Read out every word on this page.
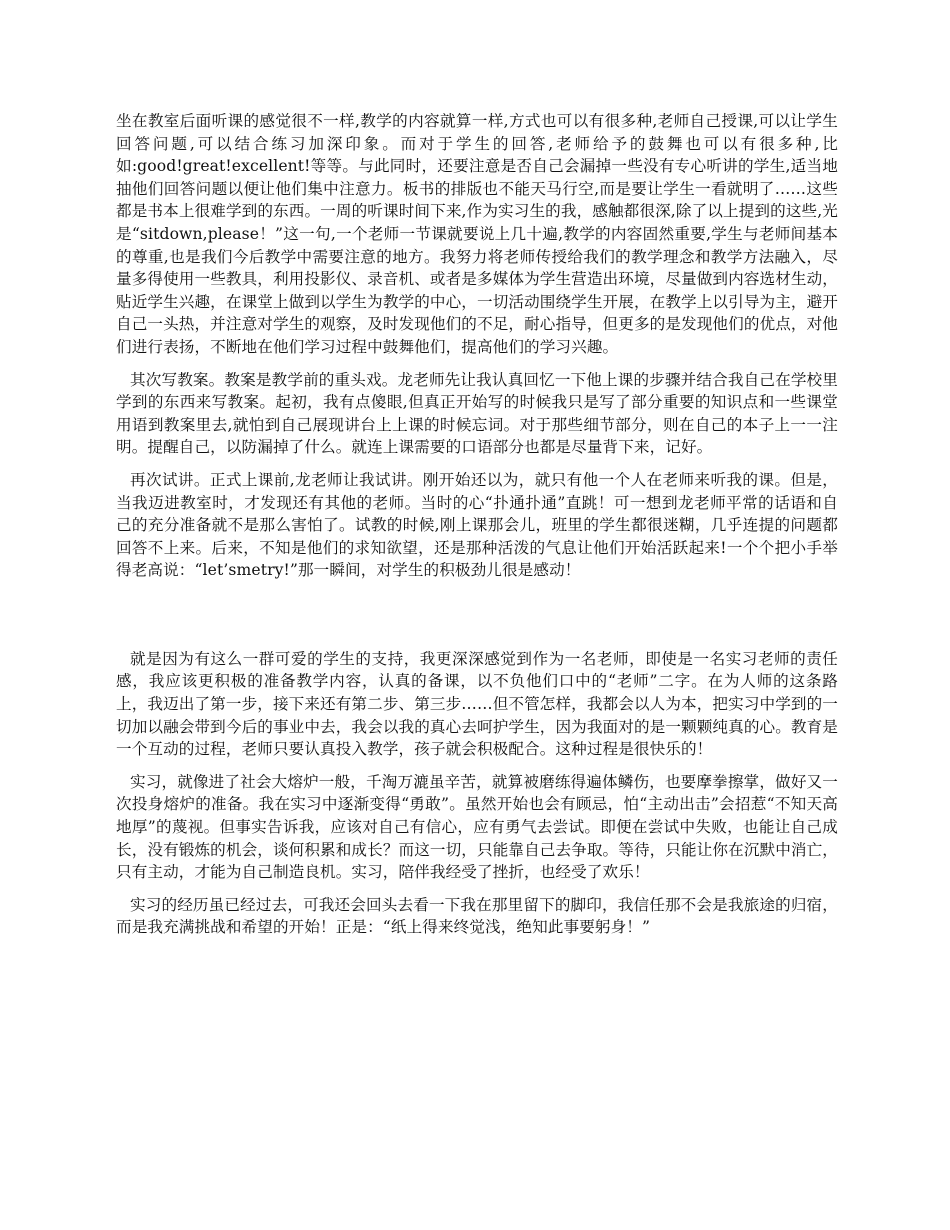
坐在教室后面听课的感觉很不一样,教学的内容就算一样,方式也可以有很多种,老师自己授课,可以让学生回答问题,可以结合练习加深印象。而对于学生的回答,老师给予的鼓舞也可以有很多种,比如:good!great!excellent!等等。与此同时，还要注意是否自己会漏掉一些没有专心听讲的学生,适当地抽他们回答问题以便让他们集中注意力。板书的排版也不能天马行空,而是要让学生一看就明了……这些都是书本上很难学到的东西。一周的听课时间下来,作为实习生的我，感触都很深,除了以上提到的这些,光是“sitdown,please！”这一句,一个老师一节课就要说上几十遍,教学的内容固然重要,学生与老师间基本的尊重,也是我们今后教学中需要注意的地方。我努力将老师传授给我们的教学理念和教学方法融入，尽量多得使用一些教具，利用投影仪、录音机、或者是多媒体为学生营造出环境，尽量做到内容选材生动，贴近学生兴趣，在课堂上做到以学生为教学的中心，一切活动围绕学生开展，在教学上以引导为主，避开自己一头热，并注意对学生的观察，及时发现他们的不足，耐心指导，但更多的是发现他们的优点，对他们进行表扬，不断地在他们学习过程中鼓舞他们，提高他们的学习兴趣。

其次写教案。教案是教学前的重头戏。龙老师先让我认真回忆一下他上课的步骤并结合我自己在学校里学到的东西来写教案。起初，我有点傻眼,但真正开始写的时候我只是写了部分重要的知识点和一些课堂用语到教案里去,就怕到自己展现讲台上上课的时候忘词。对于那些细节部分，则在自己的本子上一一注明。提醒自己，以防漏掉了什么。就连上课需要的口语部分也都是尽量背下来，记好。

再次试讲。正式上课前,龙老师让我试讲。刚开始还以为，就只有他一个人在老师来听我的课。但是，当我迈进教室时，才发现还有其他的老师。当时的心“扑通扑通”直跳！可一想到龙老师平常的话语和自己的充分准备就不是那么害怕了。试教的时候,刚上课那会儿，班里的学生都很迷糊，几乎连提的问题都回答不上来。后来，不知是他们的求知欲望，还是那种活泼的气息让他们开始活跃起来!一个个把小手举得老高说：“let’smetry!”那一瞬间，对学生的积极劲儿很是感动！

就是因为有这么一群可爱的学生的支持，我更深深感觉到作为一名老师，即使是一名实习老师的责任感，我应该更积极的准备教学内容，认真的备课，以不负他们口中的“老师”二字。在为人师的这条路上，我迈出了第一步，接下来还有第二步、第三步……但不管怎样，我都会以人为本，把实习中学到的一切加以融会带到今后的事业中去，我会以我的真心去呵护学生，因为我面对的是一颗颗纯真的心。教育是一个互动的过程，老师只要认真投入教学，孩子就会积极配合。这种过程是很快乐的！

实习，就像进了社会大熔炉一般，千淘万漉虽辛苦，就算被磨练得遍体鳞伤，也要摩拳擦掌，做好又一次投身熔炉的准备。我在实习中逐渐变得“勇敢”。虽然开始也会有顾忌，怕“主动出击”会招惹“不知天高地厚”的蔑视。但事实告诉我，应该对自己有信心，应有勇气去尝试。即便在尝试中失败，也能让自己成长，没有锻炼的机会，谈何积累和成长？而这一切，只能靠自己去争取。等待，只能让你在沉默中消亡，只有主动，才能为自己制造良机。实习，陪伴我经受了挫折，也经受了欢乐！

实习的经历虽已经过去，可我还会回头去看一下我在那里留下的脚印，我信任那不会是我旅途的归宿，而是我充满挑战和希望的开始！正是：“纸上得来终觉浅，绝知此事要躬身！”
